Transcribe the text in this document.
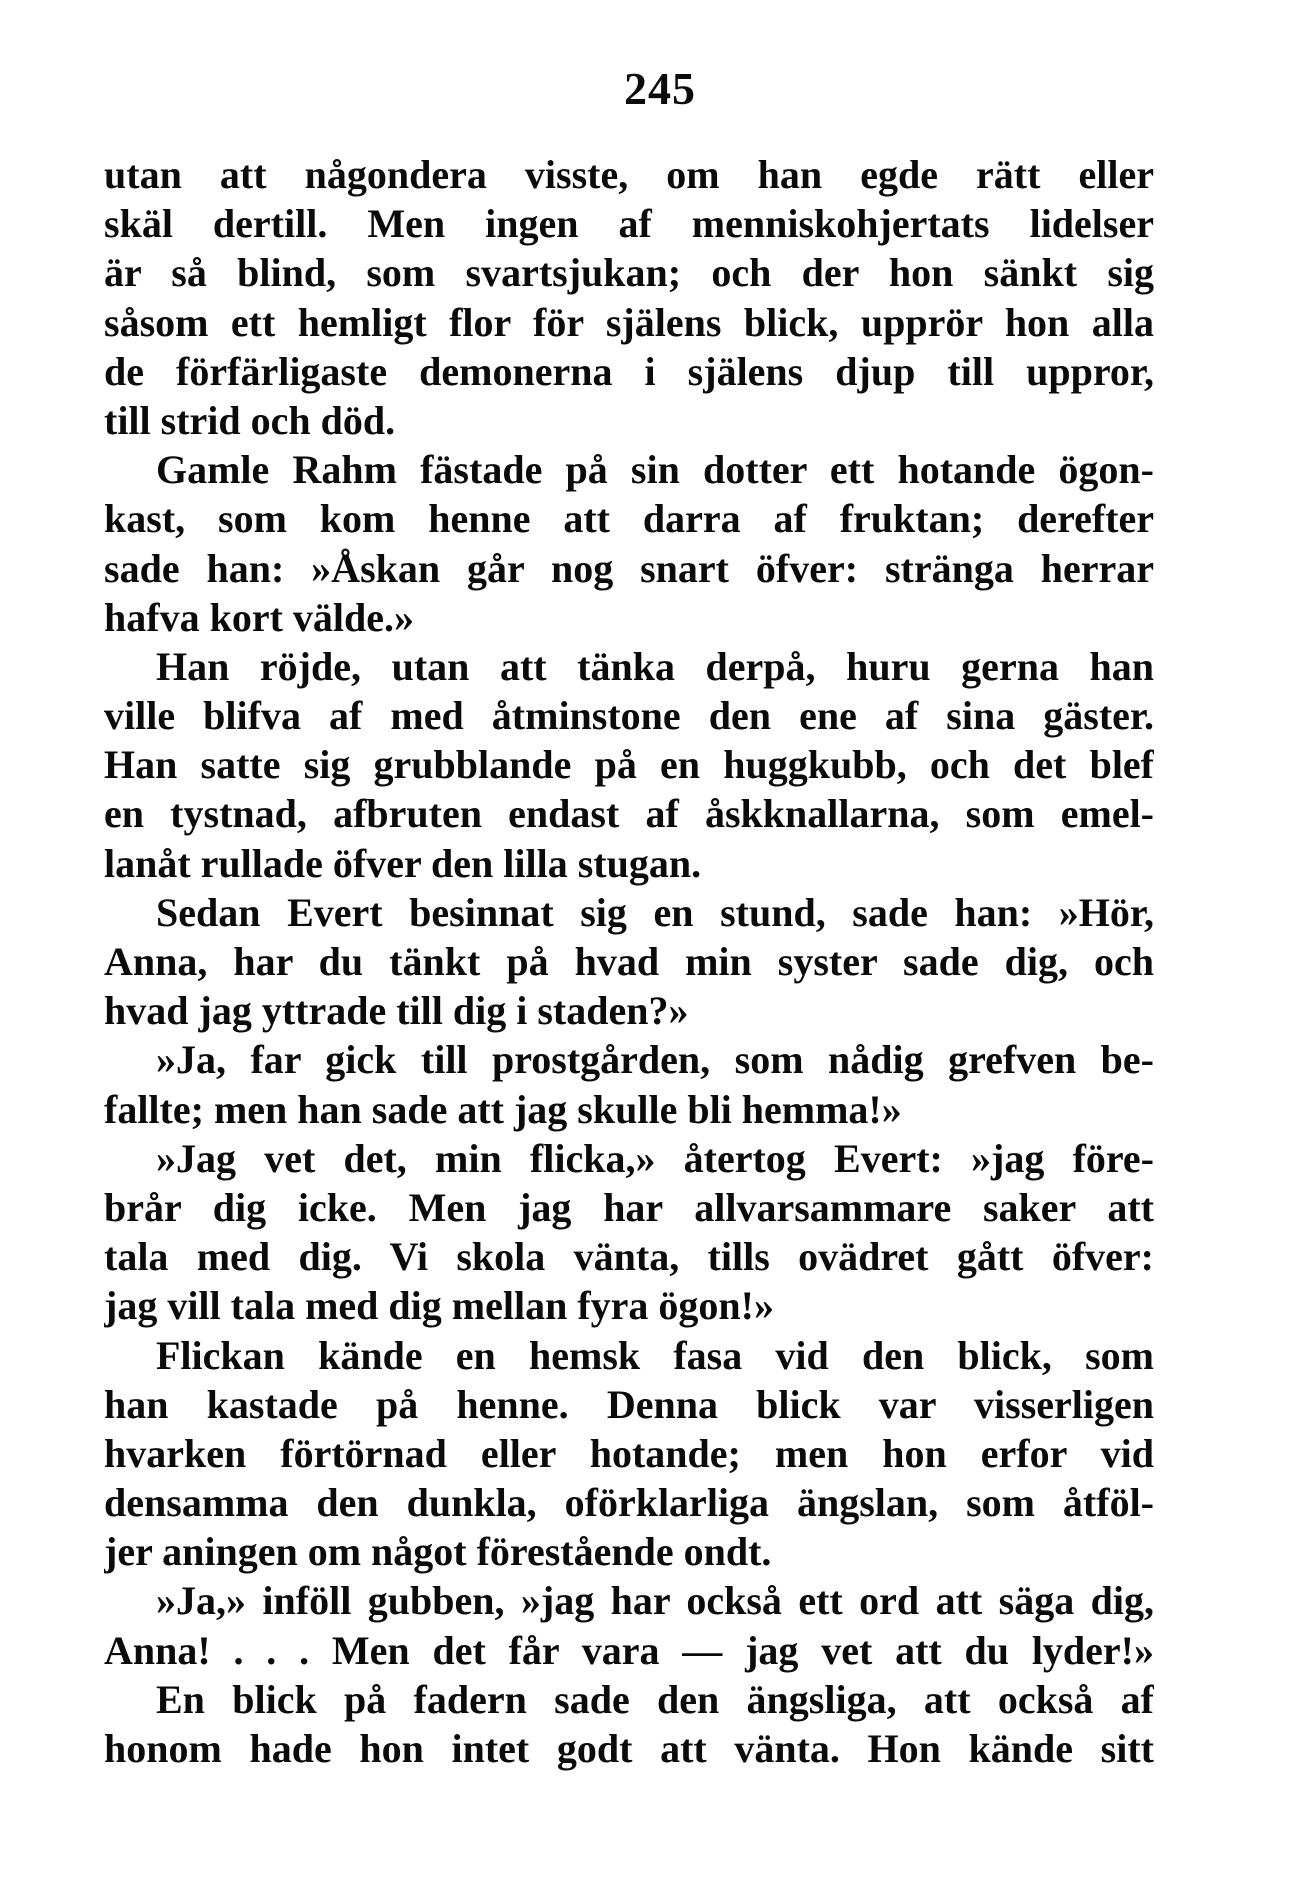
245
utan att någondera visste, om han egde rätt eller
skäl dertill. Men ingen af menniskohjertats lidelser
är så blind, som svartsjukan; och der hon sänkt sig
såsom ett hemligt flor för själens blick, upprör hon alla
de förfärligaste demonerna i själens djup till uppror,
till strid och död.
Gamle Rahm fästade på sin dotter ett hotande ögon-
kast, som kom henne att darra af fruktan; derefter
sade han: »Åskan går nog snart öfver: stränga herrar
hafva kort välde.»
Han röjde, utan att tänka derpå, huru gerna han
ville blifva af med åtminstone den ene af sina gäster.
Han satte sig grubblande på en huggkubb, och det blef
en tystnad, afbruten endast af åskknallarna, som emel-
lanåt rullade öfver den lilla stugan.
Sedan Evert besinnat sig en stund, sade han: »Hör,
Anna, har du tänkt på hvad min syster sade dig, och
hvad jag yttrade till dig i staden?»
»Ja, far gick till prostgården, som nådig grefven be-
fallte; men han sade att jag skulle bli hemma!»
»Jag vet det, min flicka,» återtog Evert: »jag före-
brår dig icke. Men jag har allvarsammare saker att
tala med dig. Vi skola vänta, tills ovädret gått öfver:
jag vill tala med dig mellan fyra ögon!»
Flickan kände en hemsk fasa vid den blick, som
han kastade på henne. Denna blick var visserligen
hvarken förtörnad eller hotande; men hon erfor vid
densamma den dunkla, oförklarliga ängslan, som åtföl-
jer aningen om något förestående ondt.
»Ja,» inföll gubben, »jag har också ett ord att säga dig,
Anna! . . . Men det får vara — jag vet att du lyder!»
En blick på fadern sade den ängsliga, att också af
honom hade hon intet godt att vänta. Hon kände sitt
